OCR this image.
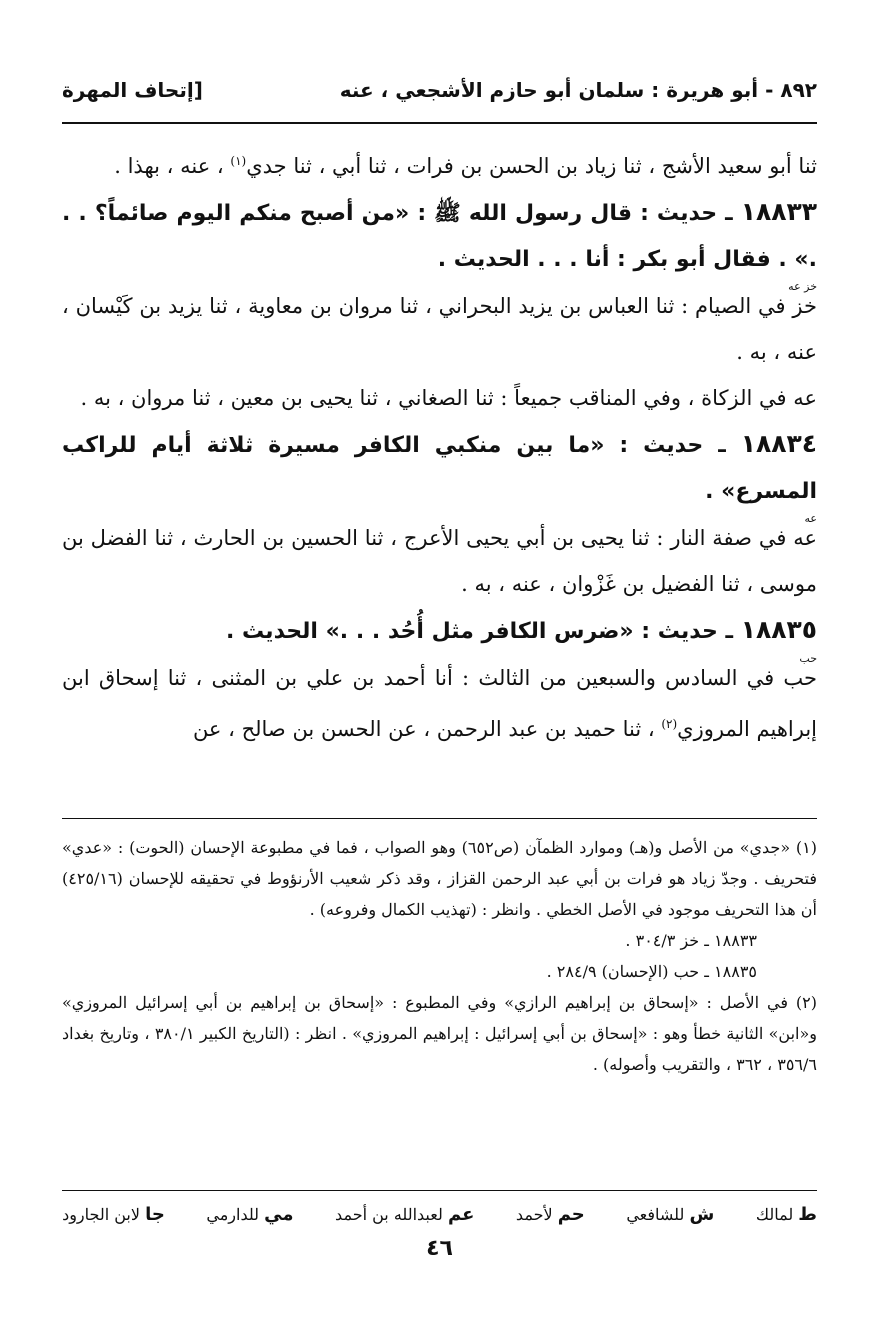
٨٩٢ - أبو هريرة : سلمان أبو حازم الأشجعي ، عنه
[إتحاف المهرة

ثنا أبو سعيد الأشج ، ثنا زياد بن الحسن بن فرات ، ثنا أبي ، ثنا جدي$^{(١)}$ ، عنه ، بهذا .

١٨٨٣٣ ـ حديث : قال رسول الله ﷺ : «من أصبح منكم اليوم صائماً؟ . . .» . فقال أبو بكر : أنا . . . الحديث .
خز عه

خز في الصيام : ثنا العباس بن يزيد البحراني ، ثنا مروان بن معاوية ، ثنا يزيد بن كَيْسان ، عنه ، به .

عه في الزكاة ، وفي المناقب جميعاً : ثنا الصغاني ، ثنا يحيى بن معين ، ثنا مروان ، به .

١٨٨٣٤ ـ حديث : «ما بين منكبي الكافر مسيرة ثلاثة أيام للراكب المسرع» .
عه

عه في صفة النار : ثنا يحيى بن أبي يحيى الأعرج ، ثنا الحسين بن الحارث ، ثنا الفضل بن موسى ، ثنا الفضيل بن غَزْوان ، عنه ، به .

١٨٨٣٥ ـ حديث : «ضرس الكافر مثل أُحُد . . .» الحديث .
حب

حب في السادس والسبعين من الثالث : أنا أحمد بن علي بن المثنى ، ثنا إسحاق ابن إبراهيم المروزي$^{(٢)}$ ، ثنا حميد بن عبد الرحمن ، عن الحسن بن صالح ، عن

(١) «جدي» من الأصل و(هـ) وموارد الظمآن (ص٦٥٢) وهو الصواب ، فما في مطبوعة الإحسان (الحوت) : «عدي» فتحريف . وجدّ زياد هو فرات بن أبي عبد الرحمن القزاز ، وقد ذكر شعيب الأرنؤوط في تحقيقه للإحسان (٤٢٥/١٦) أن هذا التحريف موجود في الأصل الخطي . وانظر : (تهذيب الكمال وفروعه) .

١٨٨٣٣ ـ خز ٣٠٤/٣ .

١٨٨٣٥ ـ حب (الإحسان) ٢٨٤/٩ .

(٢) في الأصل : «إسحاق بن إبراهيم الرازي» وفي المطبوع : «إسحاق بن إبراهيم بن أبي إسرائيل المروزي» و«ابن» الثانية خطأ وهو : «إسحاق بن أبي إسرائيل : إبراهيم المروزي» . انظر : (التاريخ الكبير ٣٨٠/١ ، وتاريخ بغداد ٣٥٦/٦ ، ٣٦٢ ، والتقريب وأصوله) .

ط لمالك
ش للشافعي
حم لأحمد
عم لعبدالله بن أحمد
مي للدارمي
جا لابن الجارود
٤٦
